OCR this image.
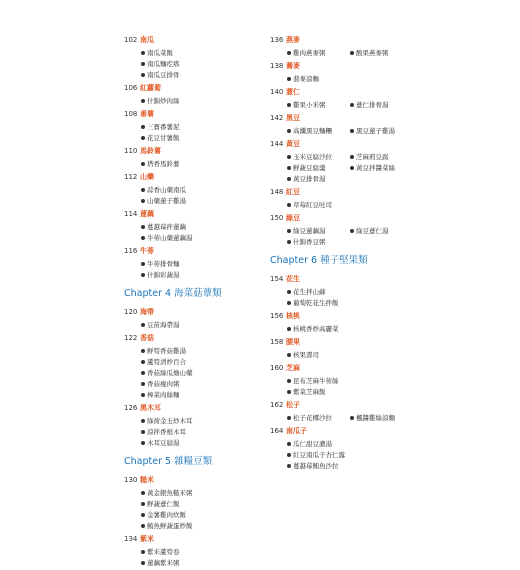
102 南瓜
南瓜菜飯
南瓜麵疙瘩
南瓜豆排骨
106 紅蘿蔔
什錦炒肉絲
108 番薯
三寶番薯泥
花豆甘薯飯
110 馬鈴薯
塔香馬鈴薯
112 山藥
蒜香山藥南瓜
山藥蓮子雞湯
114 蓮藕
蔓越莓拌蓮藕
牛蒡山藥蓮藕湯
116 牛蒡
牛蒡排骨麵
什錦彩蔬湯
Chapter 4 海菜菇蕈類
120 海帶
豆苗海帶湯
122 香菇
鮮筍香菇雞湯
蘆筍清炒百合
香菇絲瓜燴山藥
香菇瘦肉粥
棒菜肉絲麵
126 黑木耳
綠荷金玉炒木耳
涼拌香根木耳
木耳豆腐湯
Chapter 5 雜糧豆類
130 糙米
黃金銀魚糙米粥
鮮蔬薏仁飯
金薯雞肉炊飯
鮪魚鮮蔬蛋炒飯
134 紫米
紫米蘆筍卷
蓮藕紫米粥
136 燕麥
雞肉燕麥粥	酸果燕麥粥
138 蕎麥
蕎麥涼麵
140 薏仁
雞果小米粥	薏仁排骨湯
142 黑豆
高纖黑豆麵糰	黑豆蓮子雞湯
144 黃豆
玉米豆腐沙拉	芝麻煎豆腐
鮮蔬豆腐羹	黃豆拌醬菜絲
黃豆排骨湯
148 紅豆
草莓紅豆吐司
150 綠豆
綠豆蓮藕湯	綠豆薏仁湯
什錦香豆粥
Chapter 6 種子堅果類
154 花生
花生拌山蘇
葡萄乾花生拌飯
156 核桃
核桃香炒高麗菜
158 腰果
核果壽司
160 芝麻
昆布芝麻牛蒡絲
紫菜芝麻飯
162 松子
松子花椰沙拉	楓醬雞絲涼麵
164 南瓜子
瓜仁甜豆濃湯
紅豆南瓜子杏仁露
蔓越莓鮪魚沙拉
